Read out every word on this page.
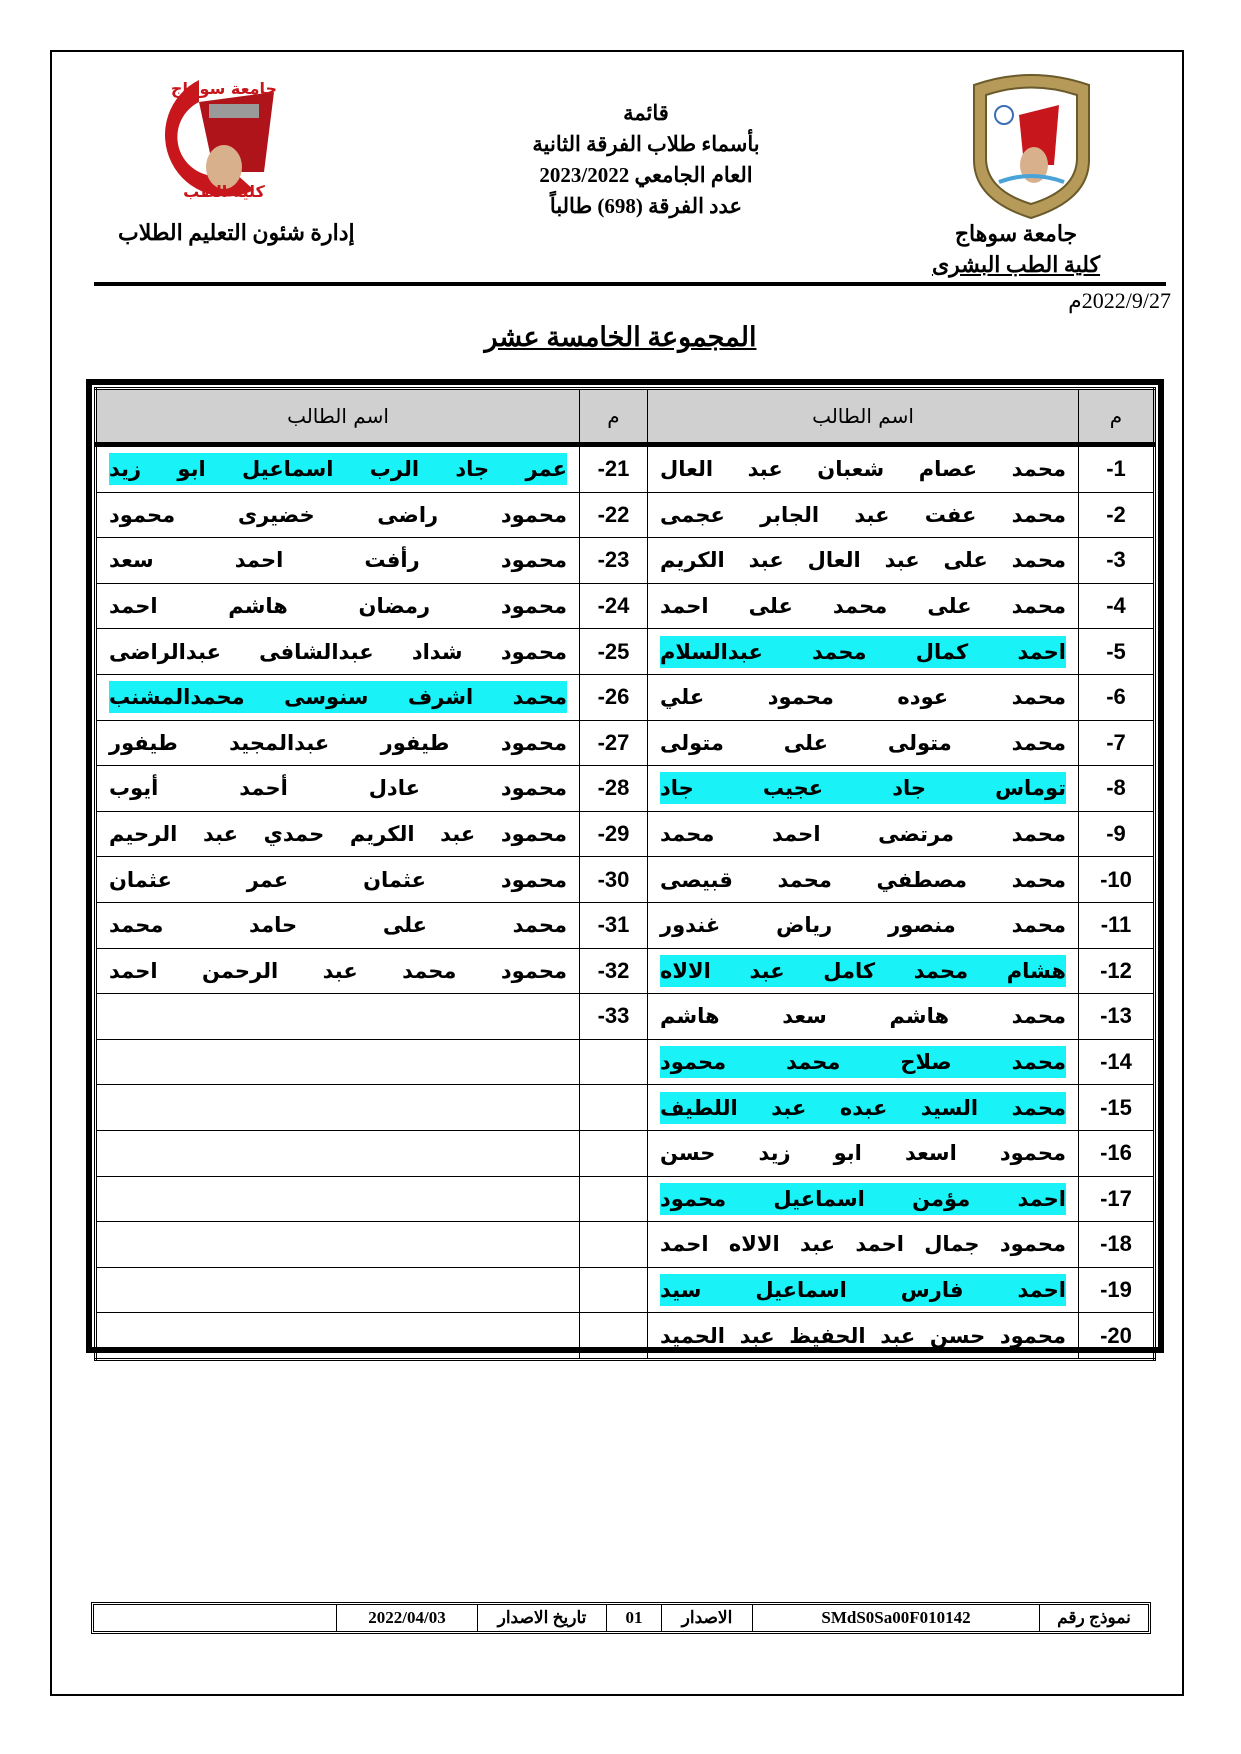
جامعة سوهاج
كلية الطب
قائمة
بأسماء طلاب الفرقة الثانية
العام الجامعي 2023/2022
عدد الفرقة (698) طالباً
جامعة سوهاج
كلية الطب البشرى
إدارة شئون التعليم الطلاب
2022/9/27م
المجموعة الخامسة عشر
م	اسم الطالب	م	اسم الطالب
-1	محمد عصام شعبان عبد العال	-21	عمر جاد الرب اسماعيل ابو زيد

-2	محمد عفت عبد الجابر عجمى	-22	محمود راضى خضيرى محمود

-3	محمد على عبد العال عبد الكريم	-23	محمود رأفت احمد سعد

-4	محمد على محمد على احمد	-24	محمود رمضان هاشم احمد

-5	احمد كمال محمد عبدالسلام	-25	محمود شداد عبدالشافى عبدالراضى

-6	محمد عوده محمود علي	-26	محمد اشرف سنوسى محمدالمشنب

-7	محمد متولى على متولى	-27	محمود طيفور عبدالمجيد طيفور

-8	توماس جاد عجيب جاد	-28	محمود عادل أحمد أيوب

-9	محمد مرتضى احمد محمد	-29	محمود عبد الكريم حمدي عبد الرحيم

-10	محمد مصطفي محمد قبيصى	-30	محمود عثمان عمر عثمان

-11	محمد منصور رياض غندور	-31	محمد على حامد محمد

-12	هشام محمد كامل عبد الالاه	-32	محمود محمد عبد الرحمن احمد

-13	محمد هاشم سعد هاشم	-33	

-14	محمد صلاح محمد محمود		

-15	محمد السيد عبده عبد اللطيف		

-16	محمود اسعد ابو زيد حسن		

-17	احمد مؤمن اسماعيل محمود		

-18	محمود جمال احمد عبد الالاه احمد		

-19	احمد فارس اسماعيل سيد		

-20	محمود حسن عبد الحفيظ عبد الحميد		

نموذج رقم
SMdS0Sa00F010142
الاصدار
01
تاريخ الاصدار
2022/04/03
